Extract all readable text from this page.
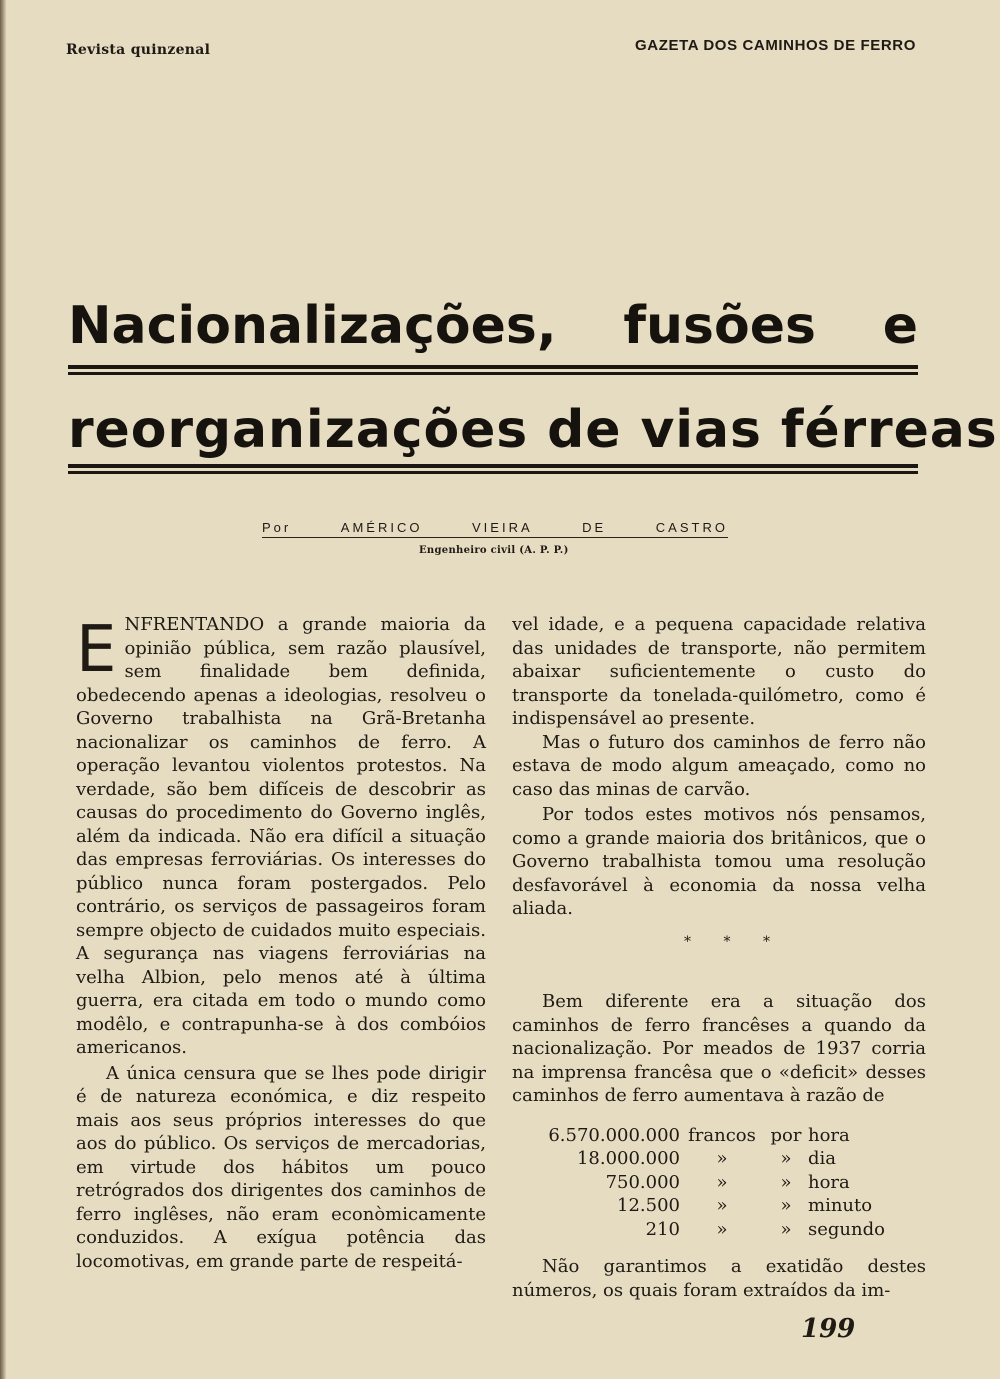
Revista quinzenal	GAZETA DOS CAMINHOS DE FERRO
Nacionalizações, fusões e
reorganizações de vias férreas
Por	AMÉRICO	VIEIRA	DE	CASTRO
Engenheiro civil (A. P. P.)

ENFRENTANDO a grande maioria da opinião pública, sem razão plausível, sem finalidade bem definida, obedecendo apenas a ideologias, resolveu o Governo trabalhista na Grã-Bretanha nacionalizar os caminhos de ferro. A operação levantou violentos protestos. Na verdade, são bem difíceis de descobrir as causas do procedimento do Governo inglês, além da indicada. Não era difícil a situação das empresas ferroviárias. Os interesses do público nunca foram postergados. Pelo contrário, os serviços de passageiros foram sempre objecto de cuidados muito especiais. A segurança nas viagens ferroviárias na velha Albion, pelo menos até à última guerra, era citada em todo o mundo como modêlo, e contrapunha-se à dos combóios americanos.

A única censura que se lhes pode dirigir é de natureza económica, e diz respeito mais aos seus próprios interesses do que aos do público. Os serviços de mercadorias, em virtude dos hábitos um pouco retrógrados dos dirigentes dos caminhos de ferro inglêses, não eram econòmicamente conduzidos. A exígua potência das locomotivas, em grande parte de respeitá-

vel idade, e a pequena capacidade relativa das unidades de transporte, não permitem abaixar suficientemente o custo do transporte da tonelada-quilómetro, como é indispensável ao presente.

Mas o futuro dos caminhos de ferro não estava de modo algum ameaçado, como no caso das minas de carvão.

Por todos estes motivos nós pensamos, como a grande maioria dos britânicos, que o Governo trabalhista tomou uma resolução desfavorável à economia da nossa velha aliada.

* * *

Bem diferente era a situação dos caminhos de ferro francêses a quando da nacionalização. Por meados de 1937 corria na imprensa francêsa que o «deficit» desses caminhos de ferro aumentava à razão de

6.570.000.000	francos	por	hora
18.000.000	»	»	dia
750.000	»	»	hora
12.500	»	»	minuto
210	»	»	segundo

Não garantimos a exatidão destes números, os quais foram extraídos da im-

199
